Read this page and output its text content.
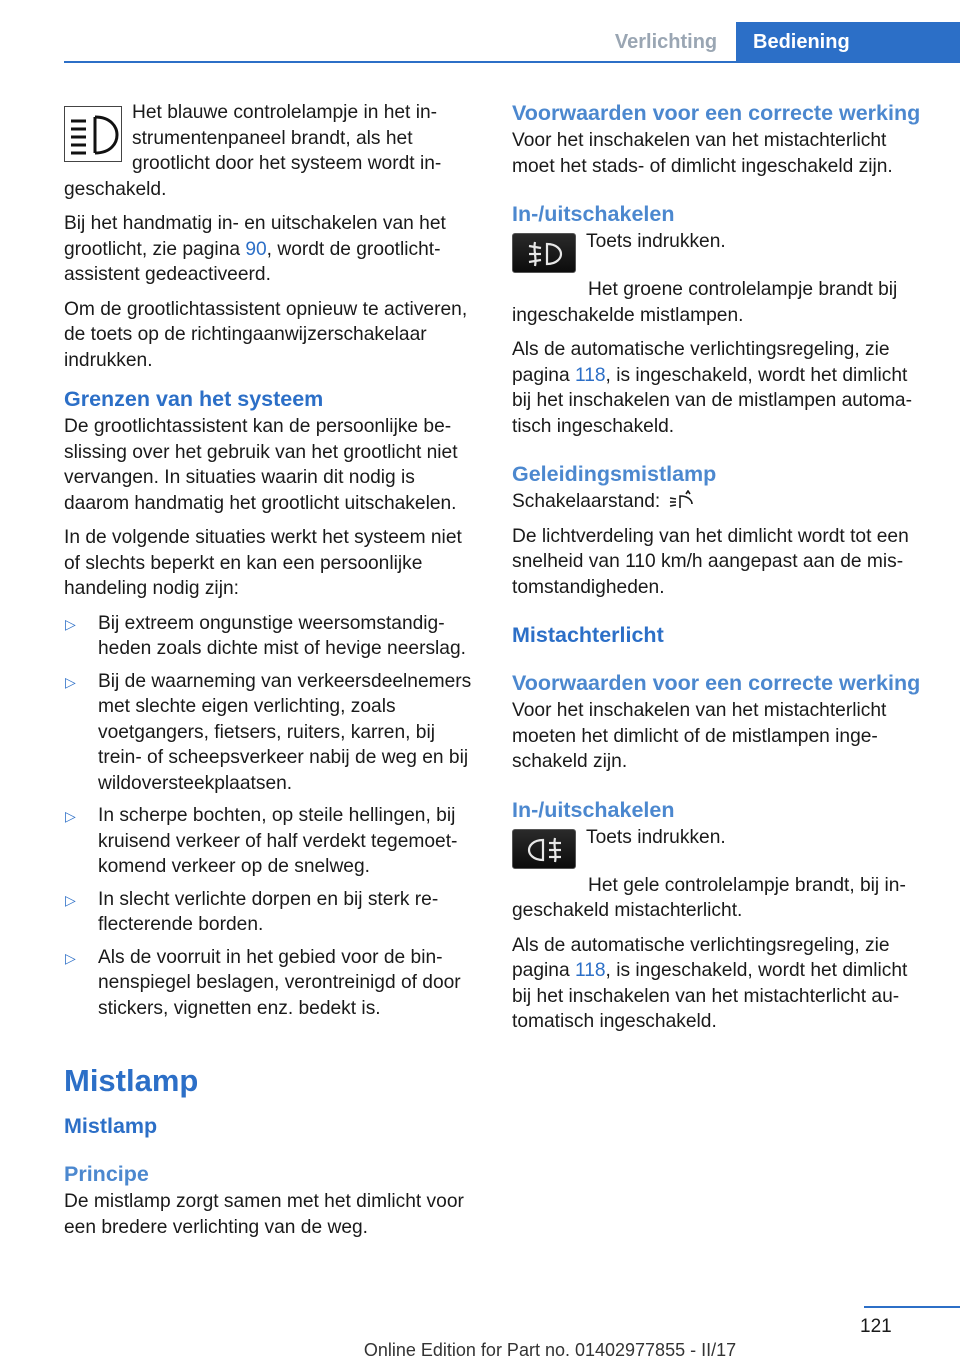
Verlichting	Bediening

Het blauwe controlelampje in het instrumentenpaneel brandt, als het grootlicht door het systeem wordt ingeschakeld.

Bij het handmatig in- en uitschakelen van het grootlicht, zie pagina 90, wordt de grootlichtassistent gedeactiveerd.

Om de grootlichtassistent opnieuw te activeren, de toets op de richtingaanwijzerschakelaar indrukken.

Grenzen van het systeem

De grootlichtassistent kan de persoonlijke beslissing over het gebruik van het grootlicht niet vervangen. In situaties waarin dit nodig is daarom handmatig het grootlicht uitschakelen.

In de volgende situaties werkt het systeem niet of slechts beperkt en kan een persoonlijke handeling nodig zijn:

▷ Bij extreem ongunstige weersomstandigheden zoals dichte mist of hevige neerslag.
▷ Bij de waarneming van verkeersdeelnemers met slechte eigen verlichting, zoals voetgangers, fietsers, ruiters, karren, bij trein- of scheepsverkeer nabij de weg en bij wildoversteekplaatsen.
▷ In scherpe bochten, op steile hellingen, bij kruisend verkeer of half verdekt tegemoetkomend verkeer op de snelweg.
▷ In slecht verlichte dorpen en bij sterk reflecterende borden.
▷ Als de voorruit in het gebied voor de binnenspiegel beslagen, verontreinigd of door stickers, vignetten enz. bedekt is.
Mistlamp
Mistlamp
Principe

De mistlamp zorgt samen met het dimlicht voor een bredere verlichting van de weg.

Voorwaarden voor een correcte werking

Voor het inschakelen van het mistachterlicht moet het stads- of dimlicht ingeschakeld zijn.

In-/uitschakelen

Toets indrukken.

Het groene controlelampje brandt bij ingeschakelde mistlampen.

Als de automatische verlichtingsregeling, zie pagina 118, is ingeschakeld, wordt het dimlicht bij het inschakelen van de mistlampen automatisch ingeschakeld.

Geleidingsmistlamp

Schakelaarstand:

De lichtverdeling van het dimlicht wordt tot een snelheid van 110 km/h aangepast aan de mistomstandigheden.

Mistachterlicht
Voorwaarden voor een correcte werking

Voor het inschakelen van het mistachterlicht moeten het dimlicht of de mistlampen ingeschakeld zijn.

In-/uitschakelen

Toets indrukken.

Het gele controlelampje brandt, bij ingeschakeld mistachterlicht.

Als de automatische verlichtingsregeling, zie pagina 118, is ingeschakeld, wordt het dimlicht bij het inschakelen van het mistachterlicht automatisch ingeschakeld.

121
Online Edition for Part no. 01402977855 - II/17
